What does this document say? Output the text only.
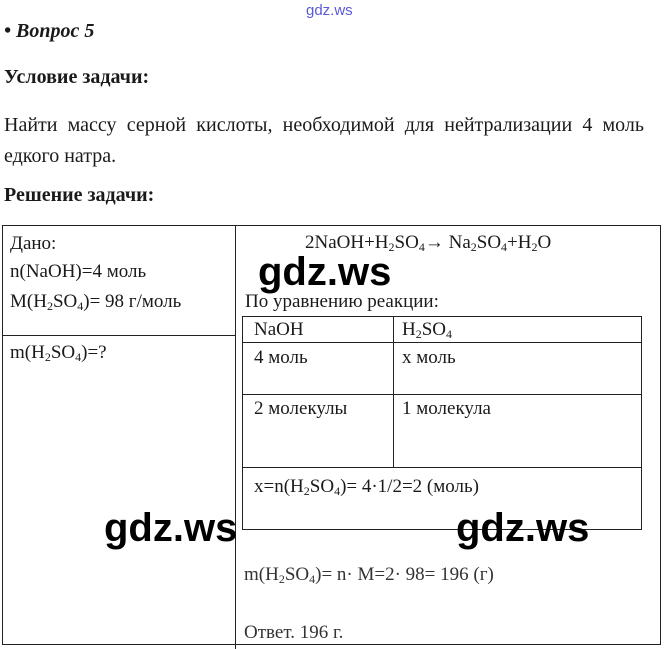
gdz.ws
• Вопрос 5
Условие задачи:
Найти массу серной кислоты, необходимой для нейтрализации 4 моль едкого натра.
Решение задачи:
Дано:
n(NaOH)=4 моль
$M(H_2SO_4)= 98$ г/моль
$m(H_2SO_4)=$?
$2NaOH+H_2SO_4\to Na_2SO_4+H_2O$
По уравнению реакции:
NaOH	$H_2SO_4$
4 моль	x моль
2 молекулы	1 молекула
$x=n(H_2SO_4)= 4\cdot 1/2=2$ (моль)
$m(H_2SO_4)= n\cdot M=2\cdot 98= 196$ (г)
Ответ. 196 г.
gdz.ws
gdz.ws	gdz.ws
